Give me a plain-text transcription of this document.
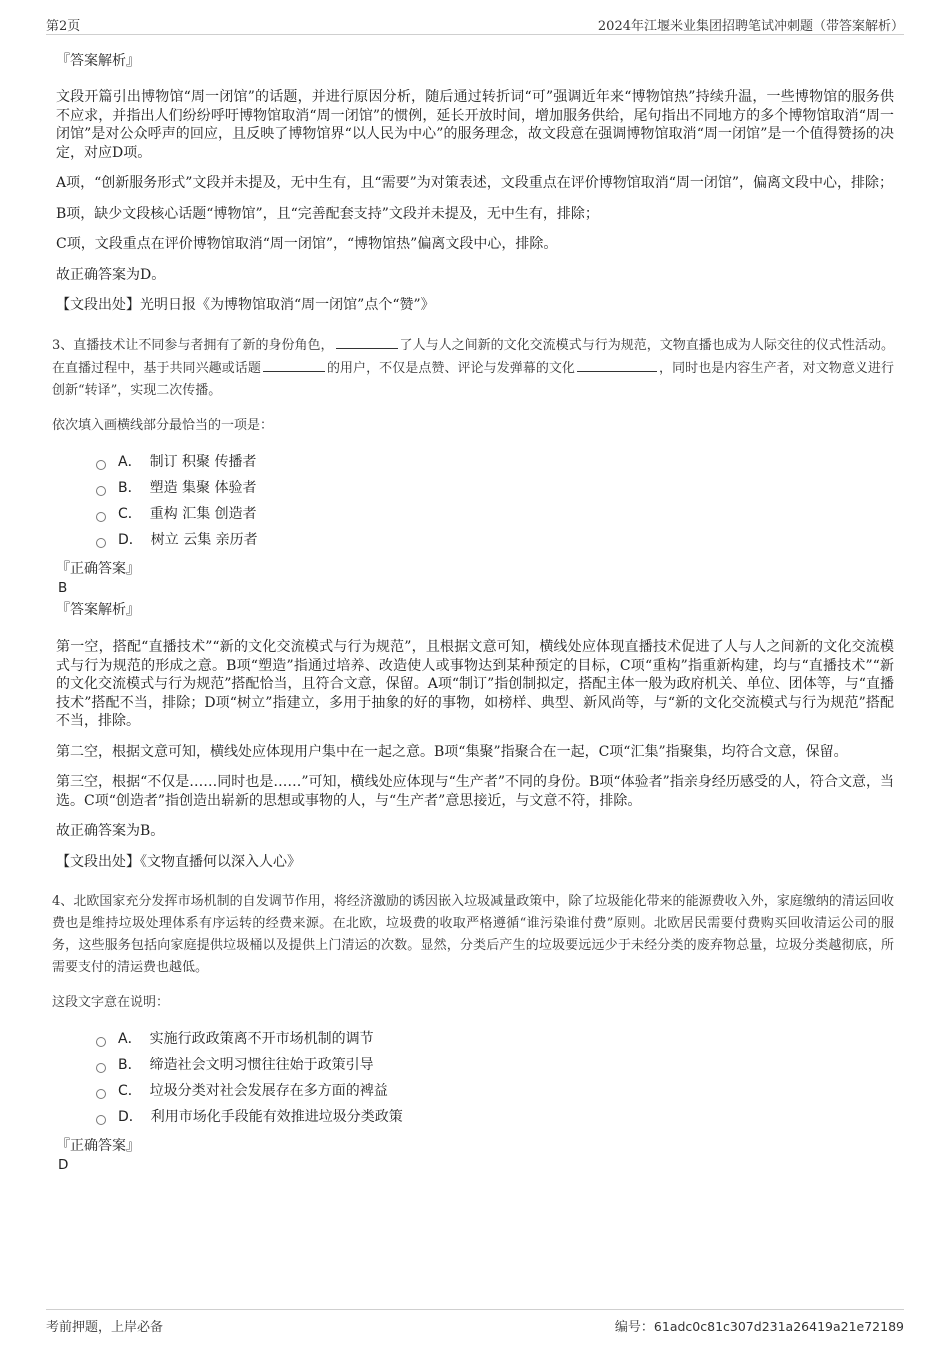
第2页	2024年江堰米业集团招聘笔试冲刺题（带答案解析）
『答案解析』

文段开篇引出博物馆“周一闭馆”的话题，并进行原因分析，随后通过转折词“可”强调近年来“博物馆热”持续升温，一些博物馆的服务供不应求，并指出人们纷纷呼吁博物馆取消“周一闭馆”的惯例，延长开放时间，增加服务供给，尾句指出不同地方的多个博物馆取消“周一闭馆”是对公众呼声的回应，且反映了博物馆界“以人民为中心”的服务理念，故文段意在强调博物馆取消“周一闭馆”是一个值得赞扬的决定，对应D项。

A项，“创新服务形式”文段并未提及，无中生有，且“需要”为对策表述，文段重点在评价博物馆取消“周一闭馆”，偏离文段中心，排除；

B项，缺少文段核心话题“博物馆”，且“完善配套支持”文段并未提及，无中生有，排除；

C项，文段重点在评价博物馆取消“周一闭馆”，“博物馆热”偏离文段中心，排除。

故正确答案为D。

【文段出处】光明日报《为博物馆取消“周一闭馆”点个“赞”》

3、直播技术让不同参与者拥有了新的身份角色，	了人与人之间新的文化交流模式与行为规范，文物直播也成为人际交往的仪式性活动。在直播过程中，基于共同兴趣或话题	的用户，不仅是点赞、评论与发弹幕的文化	，同时也是内容生产者，对文物意义进行创新“转译”，实现二次传播。

依次填入画横线部分最恰当的一项是：

A． 制订 积聚 传播者
B． 塑造 集聚 体验者
C． 重构 汇集 创造者
D． 树立 云集 亲历者
『正确答案』
B
『答案解析』

第一空，搭配“直播技术”“新的文化交流模式与行为规范”，且根据文意可知，横线处应体现直播技术促进了人与人之间新的文化交流模式与行为规范的形成之意。B项“塑造”指通过培养、改造使人或事物达到某种预定的目标，C项“重构”指重新构建，均与“直播技术”“新的文化交流模式与行为规范”搭配恰当，且符合文意，保留。A项“制订”指创制拟定，搭配主体一般为政府机关、单位、团体等，与“直播技术”搭配不当，排除；D项“树立”指建立，多用于抽象的好的事物，如榜样、典型、新风尚等，与“新的文化交流模式与行为规范”搭配不当，排除。

第二空，根据文意可知，横线处应体现用户集中在一起之意。B项“集聚”指聚合在一起，C项“汇集”指聚集，均符合文意，保留。

第三空，根据“不仅是……同时也是……”可知，横线处应体现与“生产者”不同的身份。B项“体验者”指亲身经历感受的人，符合文意，当选。C项“创造者”指创造出崭新的思想或事物的人，与“生产者”意思接近，与文意不符，排除。

故正确答案为B。

【文段出处】《文物直播何以深入人心》

4、北欧国家充分发挥市场机制的自发调节作用，将经济激励的诱因嵌入垃圾减量政策中，除了垃圾能化带来的能源费收入外，家庭缴纳的清运回收费也是维持垃圾处理体系有序运转的经费来源。在北欧，垃圾费的收取严格遵循“谁污染谁付费”原则。北欧居民需要付费购买回收清运公司的服务，这些服务包括向家庭提供垃圾桶以及提供上门清运的次数。显然，分类后产生的垃圾要远远少于未经分类的废弃物总量，垃圾分类越彻底，所需要支付的清运费也越低。

这段文字意在说明：

A． 实施行政政策离不开市场机制的调节
B． 缔造社会文明习惯往往始于政策引导
C． 垃圾分类对社会发展存在多方面的裨益
D． 利用市场化手段能有效推进垃圾分类政策
『正确答案』
D
考前押题，上岸必备	编号：61adc0c81c307d231a26419a21e72189
